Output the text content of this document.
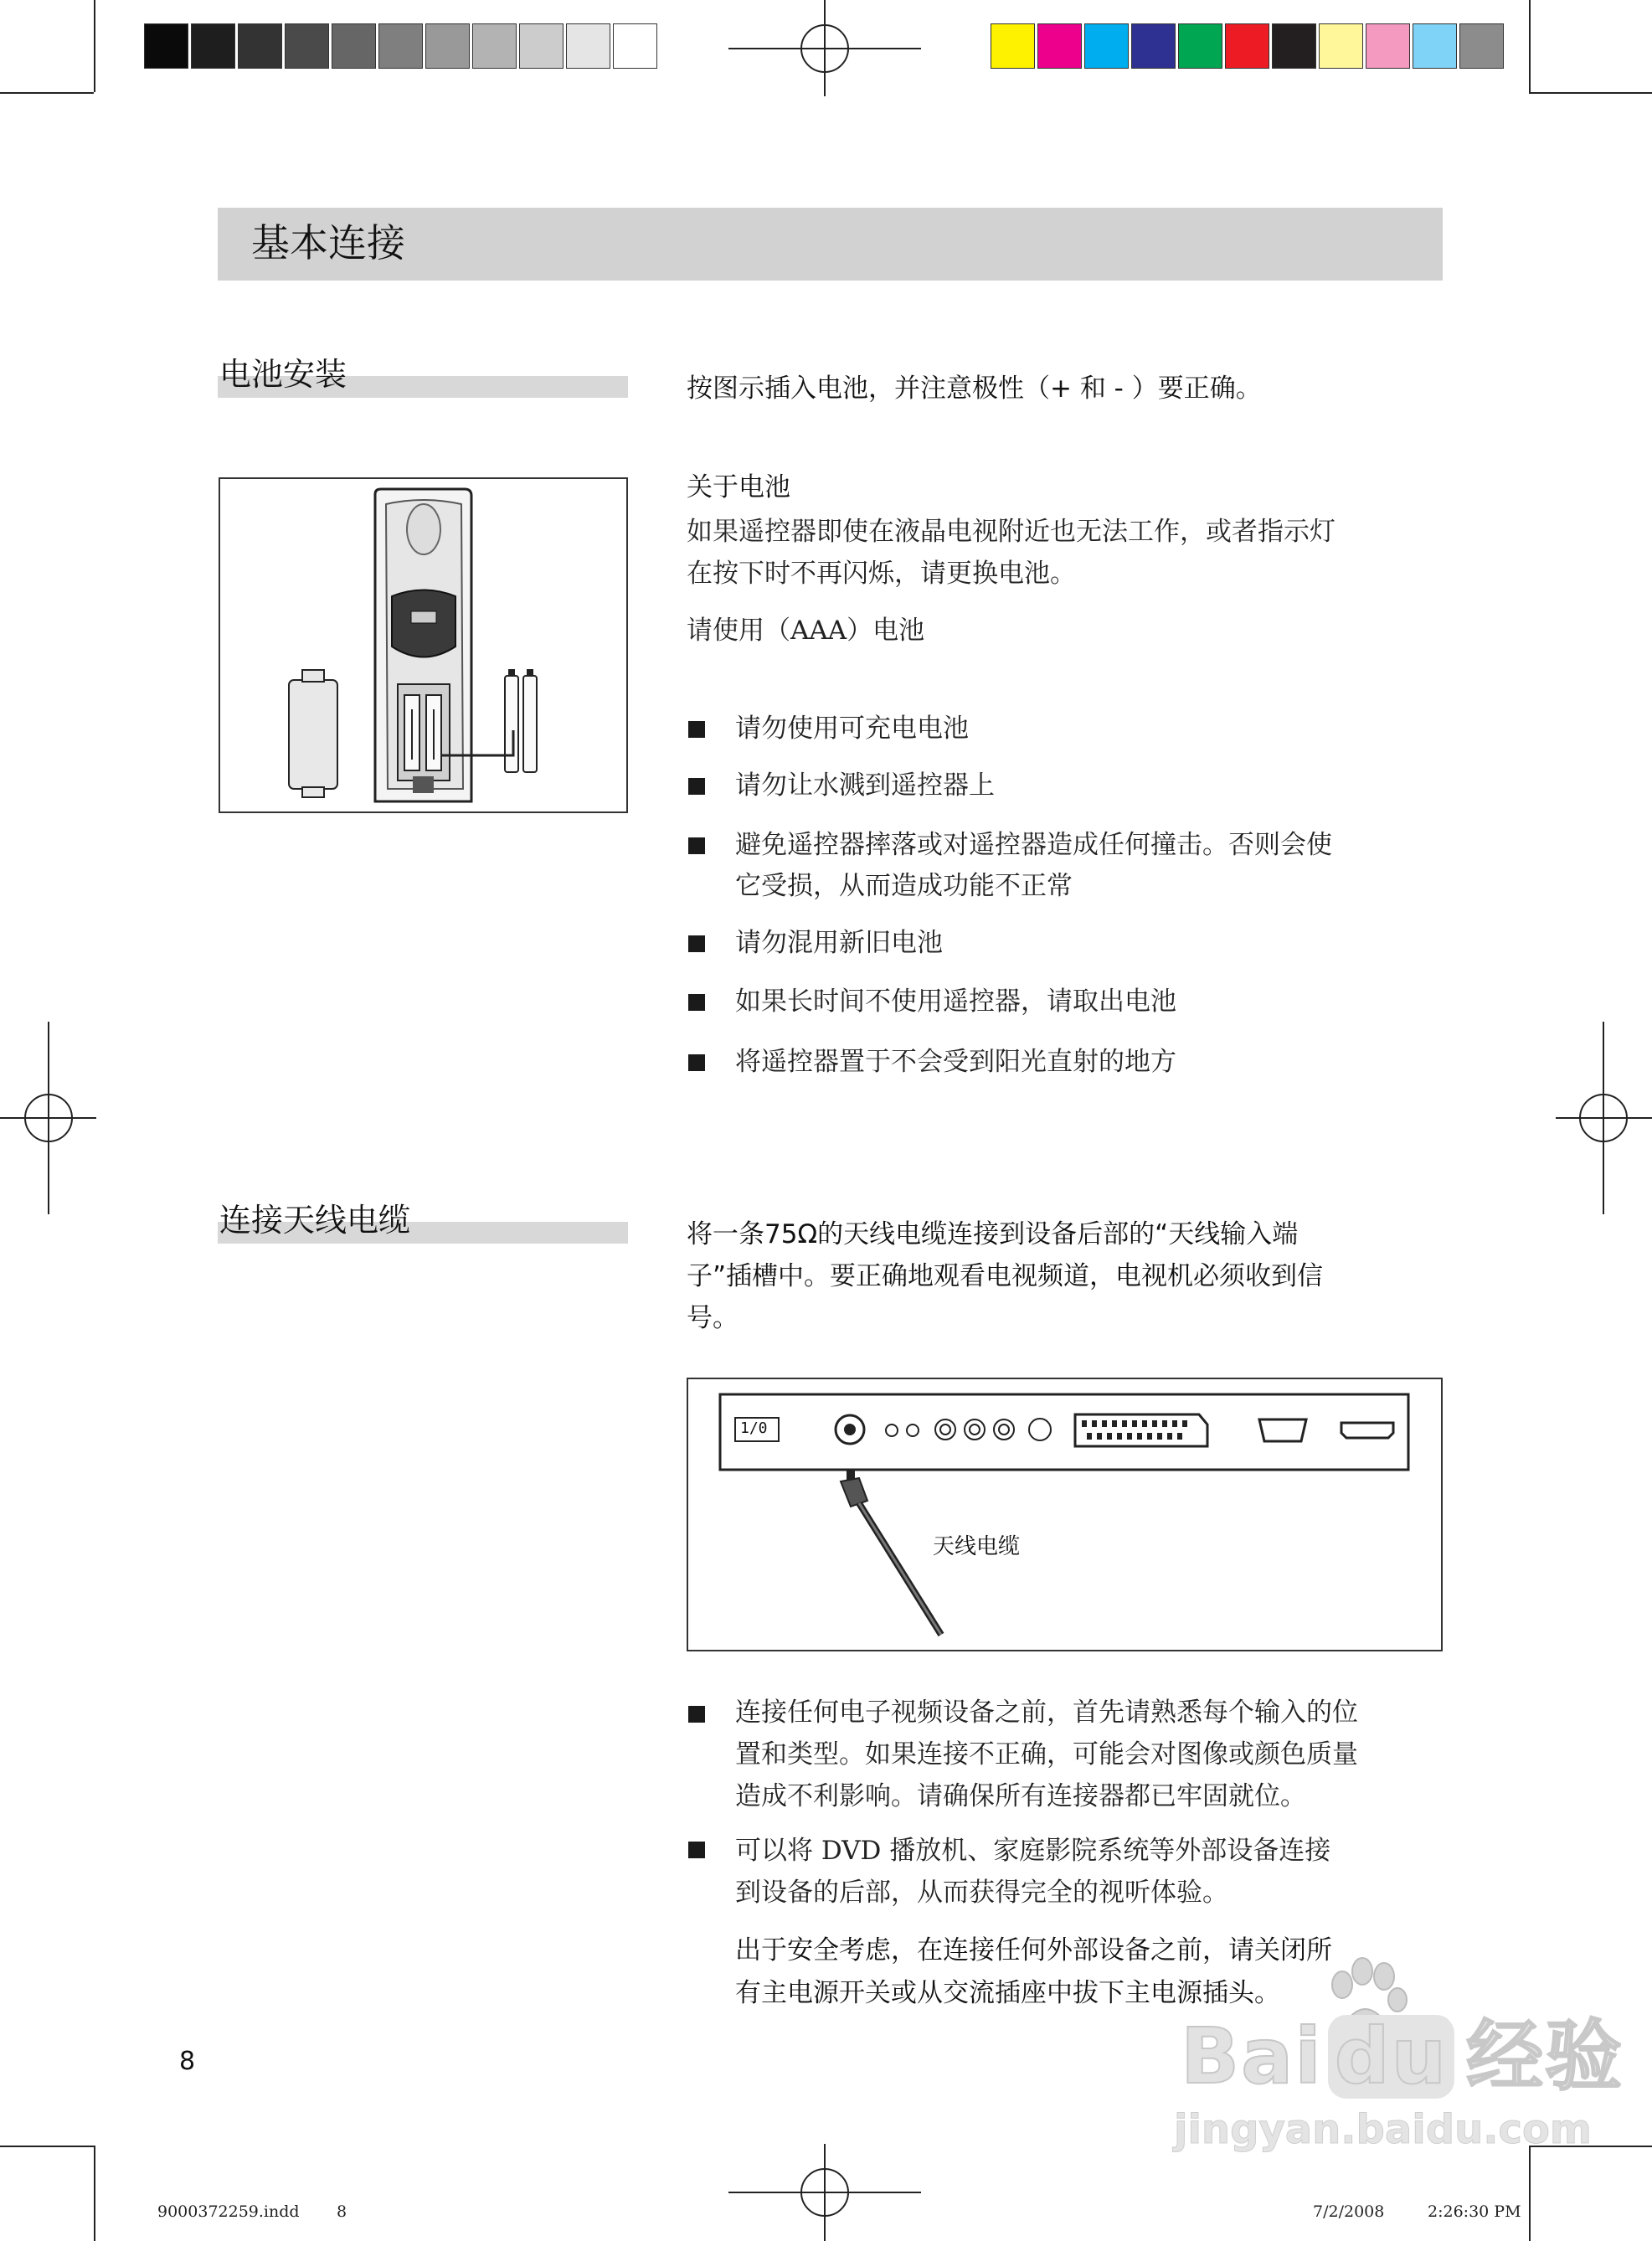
基本连接
电池安装	按图示插入电池，并注意极性（+ 和 - ）要正确。
关于电池
如果遥控器即使在液晶电视附近也无法工作，或者指示灯
在按下时不再闪烁，请更换电池。
请使用（AAA）电池
请勿使用可充电电池
请勿让水溅到遥控器上
避免遥控器摔落或对遥控器造成任何撞击。否则会使
它受损，从而造成功能不正常
请勿混用新旧电池
如果长时间不使用遥控器，请取出电池
将遥控器置于不会受到阳光直射的地方
连接天线电缆	将一条75Ω的天线电缆连接到设备后部的“天线输入端
子”插槽中。要正确地观看电视频道，电视机必须收到信
号。
1/0
天线电缆
连接任何电子视频设备之前，首先请熟悉每个输入的位
置和类型。如果连接不正确，可能会对图像或颜色质量
造成不利影响。请确保所有连接器都已牢固就位。
可以将 DVD 播放机、家庭影院系统等外部设备连接
到设备的后部，从而获得完全的视听体验。
出于安全考虑，在连接任何外部设备之前，请关闭所
有主电源开关或从交流插座中拔下主电源插头。
8	Bai du 经验
jingyan.baidu.com
9000372259.indd 8	7/2/2008	2:26:30 PM
